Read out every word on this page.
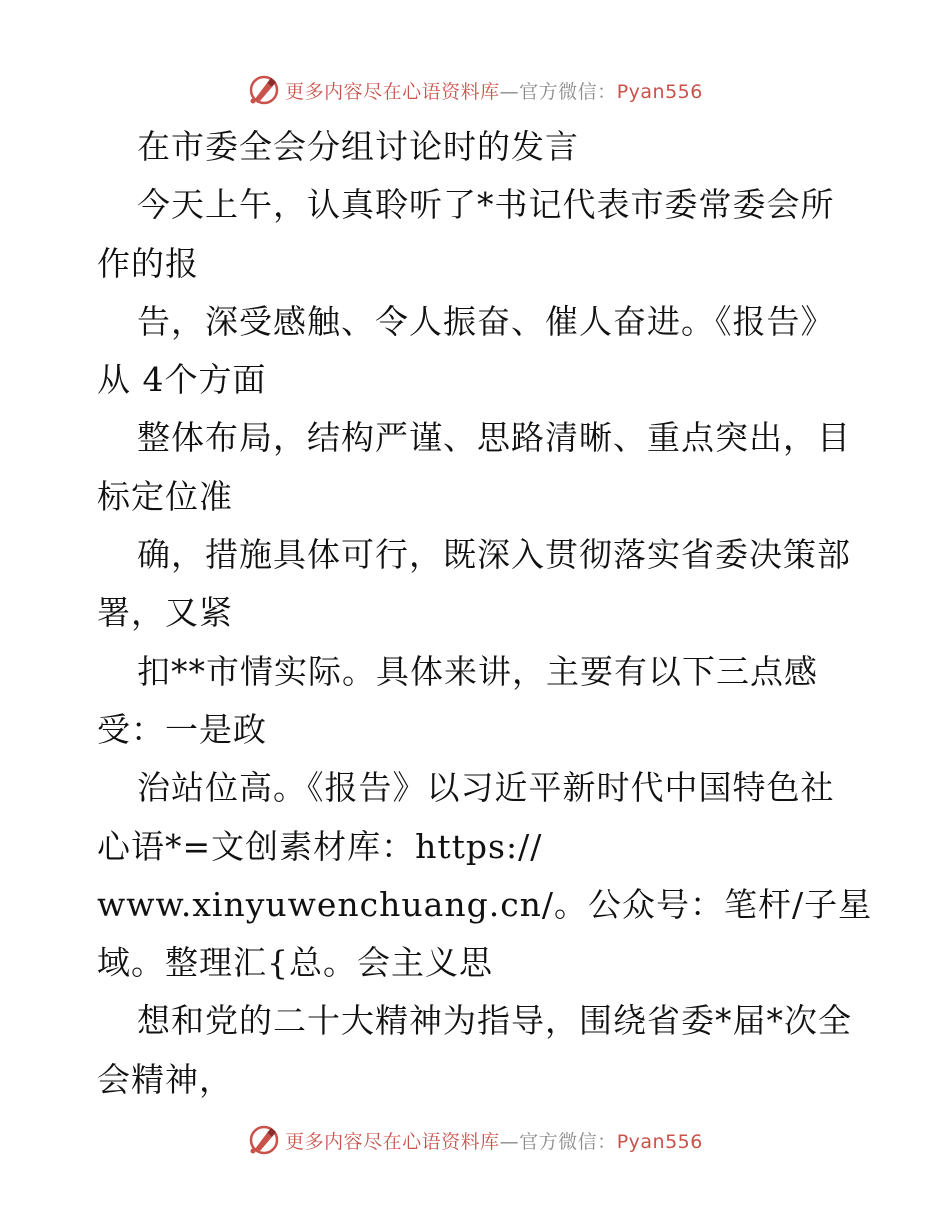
更多内容尽在心语资料库—官方微信：Pyan556
在市委全会分组讨论时的发言
今天上午，认真聆听了*书记代表市委常委会所
作的报
告，深受感触、令人振奋、催人奋进。《报告》
从 4个方面
整体布局，结构严谨、思路清晰、重点突出，目
标定位准
确，措施具体可行，既深入贯彻落实省委决策部
署，又紧
扣**市情实际。具体来讲，主要有以下三点感
受：一是政
治站位高。《报告》以习近平新时代中国特色社
心语*=文创素材库：https://
www.xinyuwenchuang.cn/。公众号：笔杆/子星
域。整理汇{总。会主义思
想和党的二十大精神为指导，围绕省委*届*次全
会精神，
更多内容尽在心语资料库—官方微信：Pyan556
